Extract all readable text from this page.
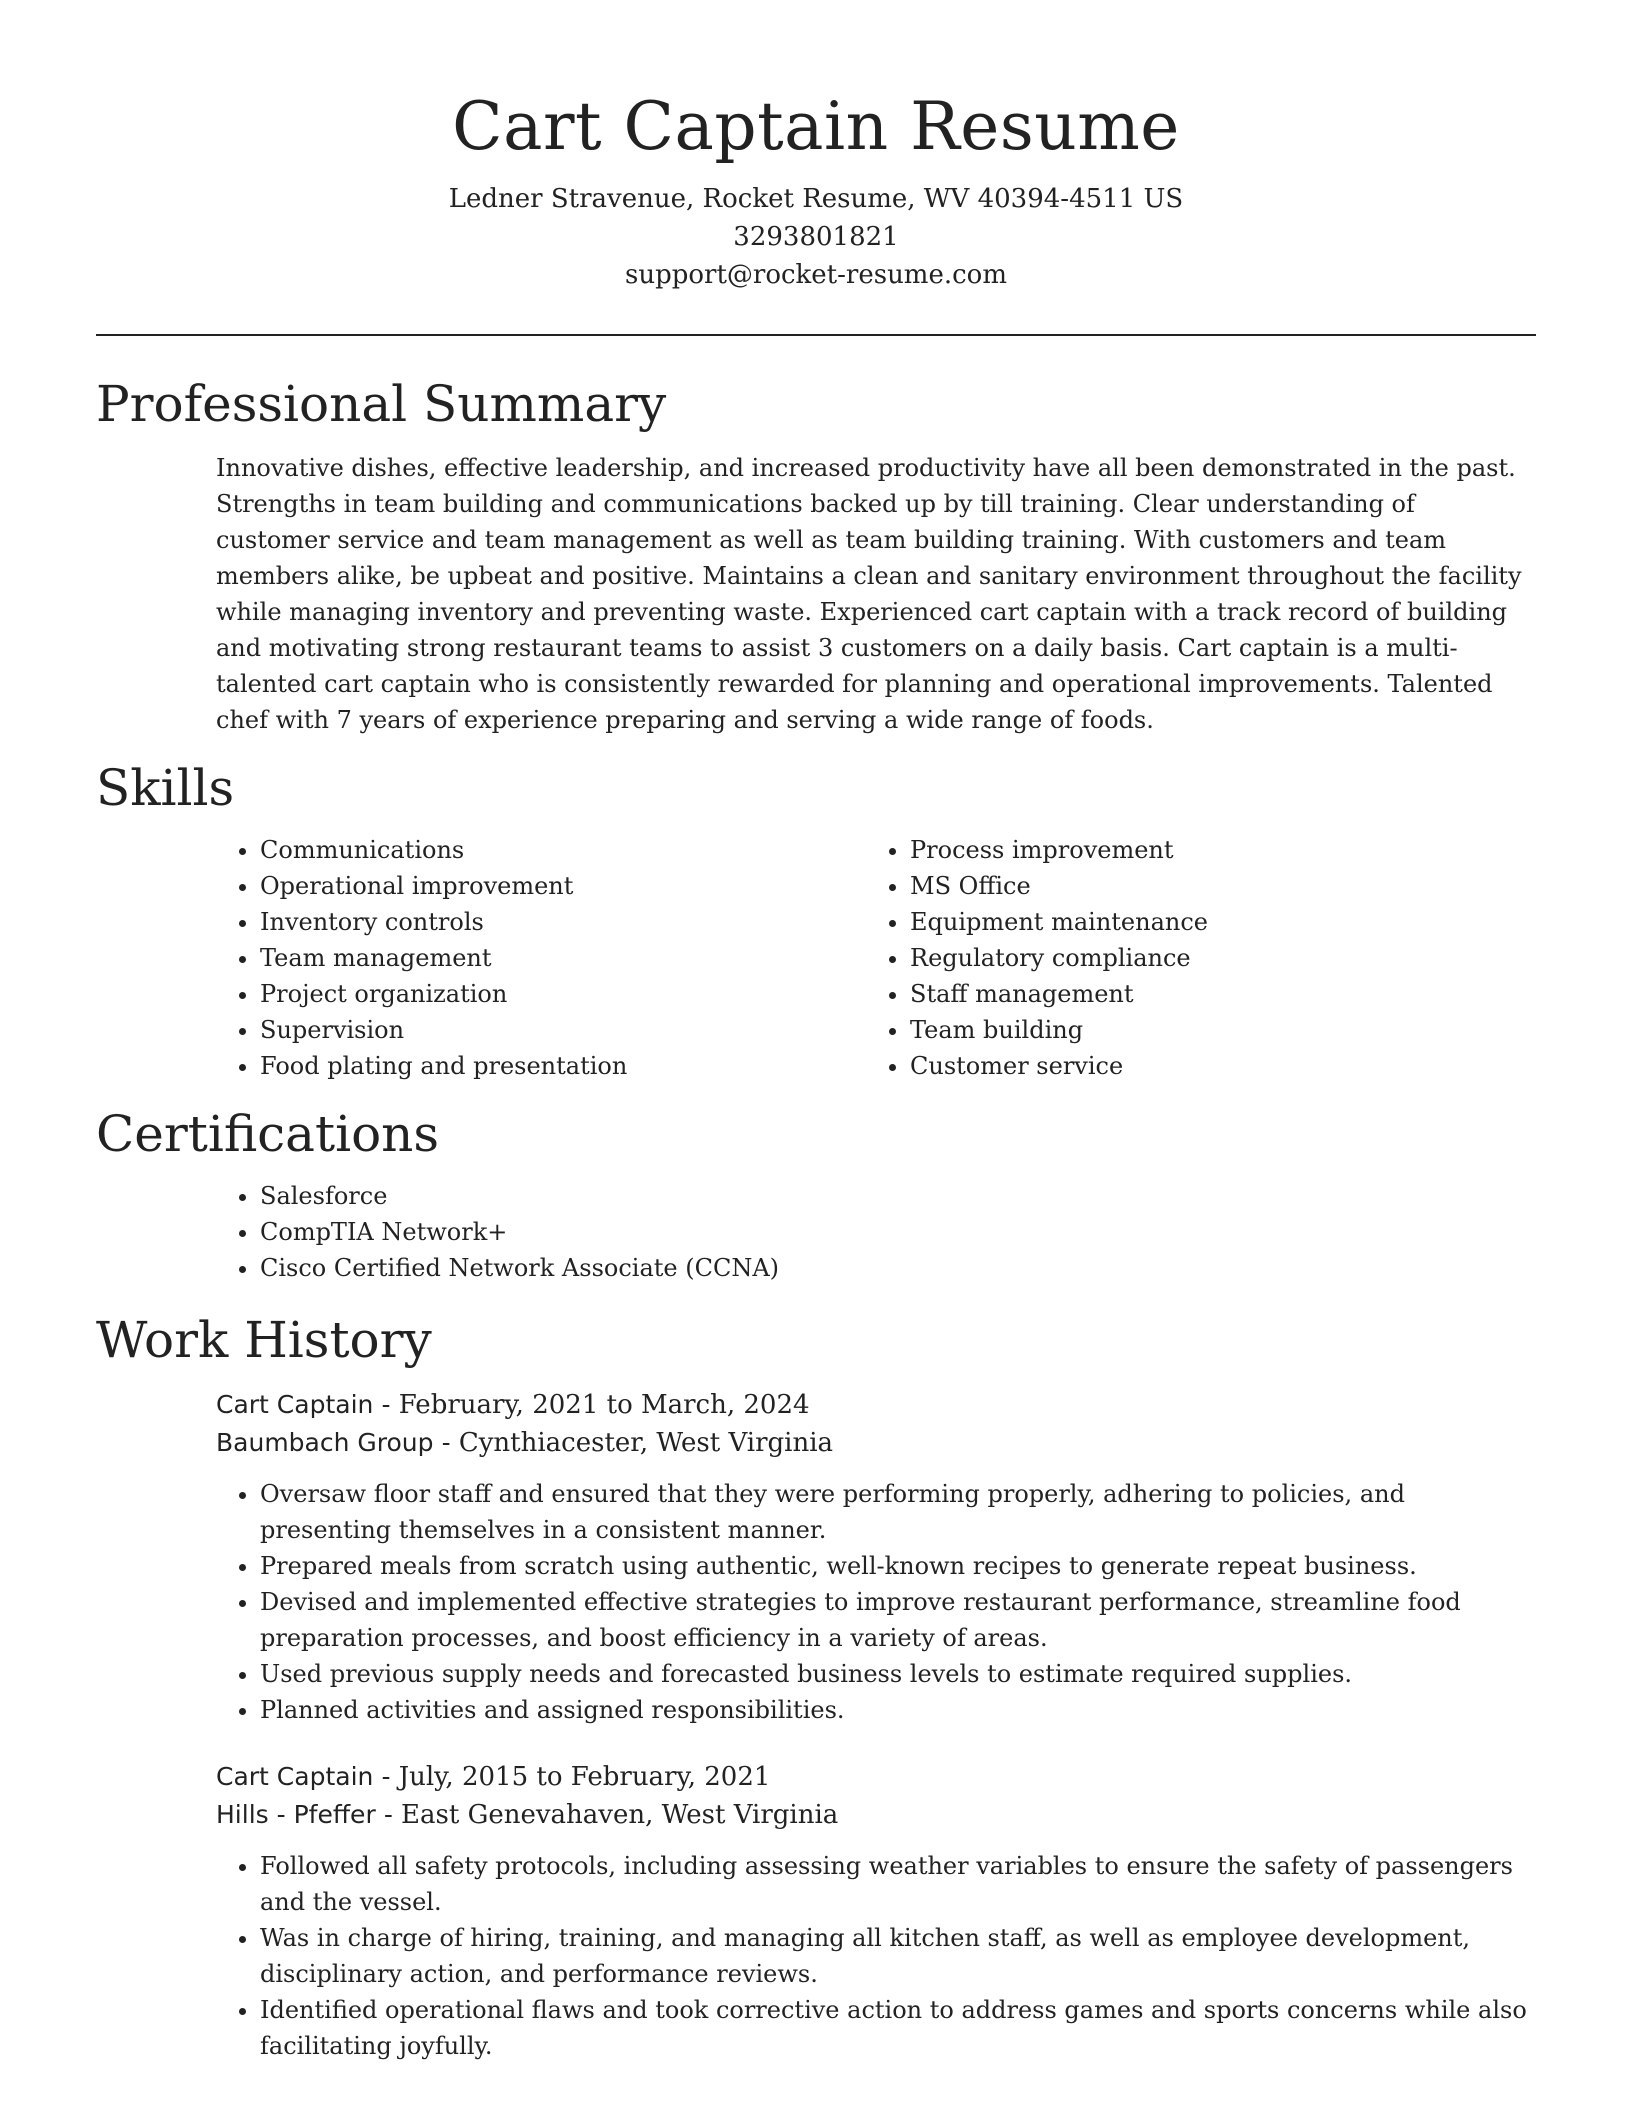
Cart Captain Resume

Ledner Stravenue, Rocket Resume, WV 40394-4511 US

3293801821

support@rocket-resume.com

Professional Summary

Innovative dishes, effective leadership, and increased productivity have all been demonstrated in the past. Strengths in team building and communications backed up by till training. Clear understanding of customer service and team management as well as team building training. With customers and team members alike, be upbeat and positive. Maintains a clean and sanitary environment throughout the facility while managing inventory and preventing waste. Experienced cart captain with a track record of building and motivating strong restaurant teams to assist 3 customers on a daily basis. Cart captain is a multi-talented cart captain who is consistently rewarded for planning and operational improvements. Talented chef with 7 years of experience preparing and serving a wide range of foods.

Skills
• Communications
• Operational improvement
• Inventory controls
• Team management
• Project organization
• Supervision
• Food plating and presentation
• Process improvement
• MS Office
• Equipment maintenance
• Regulatory compliance
• Staff management
• Team building
• Customer service
Certifications
• Salesforce
• CompTIA Network+
• Cisco Certified Network Associate (CCNA)
Work History

Cart Captain - February, 2021 to March, 2024

Baumbach Group - Cynthiacester, West Virginia

• Oversaw floor staff and ensured that they were performing properly, adhering to policies, and presenting themselves in a consistent manner.
• Prepared meals from scratch using authentic, well-known recipes to generate repeat business.
• Devised and implemented effective strategies to improve restaurant performance, streamline food preparation processes, and boost efficiency in a variety of areas.
• Used previous supply needs and forecasted business levels to estimate required supplies.
• Planned activities and assigned responsibilities.

Cart Captain - July, 2015 to February, 2021

Hills - Pfeffer - East Genevahaven, West Virginia

• Followed all safety protocols, including assessing weather variables to ensure the safety of passengers and the vessel.
• Was in charge of hiring, training, and managing all kitchen staff, as well as employee development, disciplinary action, and performance reviews.
• Identified operational flaws and took corrective action to address games and sports concerns while also facilitating joyfully.
